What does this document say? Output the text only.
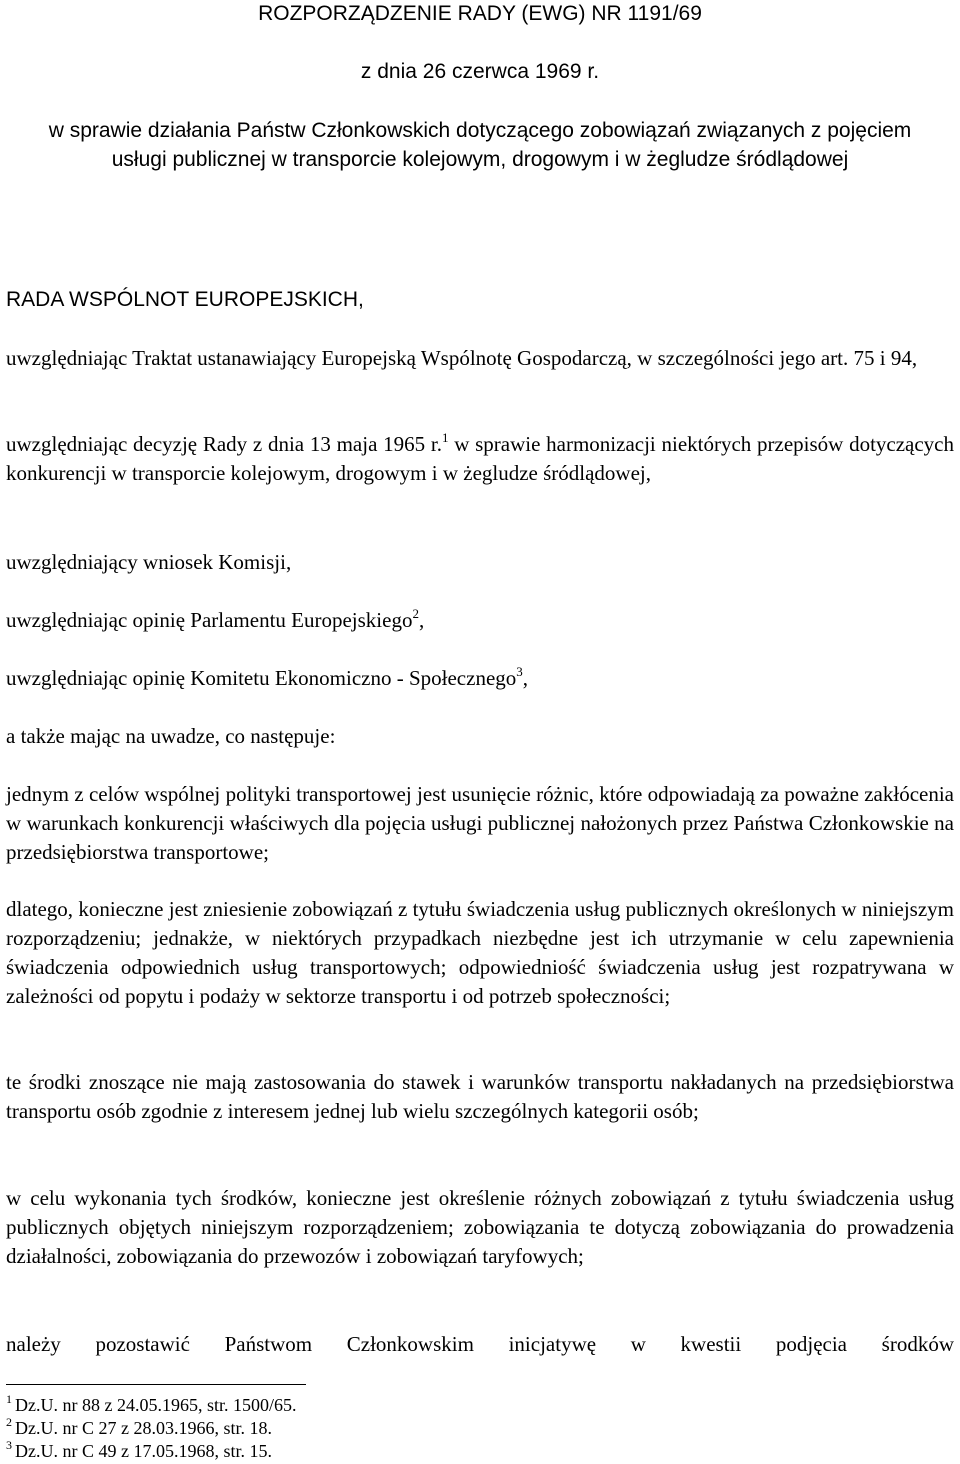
ROZPORZĄDZENIE RADY (EWG) NR 1191/69
z dnia 26 czerwca 1969 r.
w sprawie działania Państw Członkowskich dotyczącego zobowiązań związanych z pojęciem usługi publicznej w transporcie kolejowym, drogowym i w żegludze śródlądowej
RADA WSPÓLNOT EUROPEJSKICH,
uwzględniając Traktat ustanawiający Europejską Wspólnotę Gospodarczą, w szczególności jego art. 75 i 94,
uwzględniając decyzję Rady z dnia 13 maja 1965 r.$^1$ w sprawie harmonizacji niektórych przepisów dotyczących konkurencji w transporcie kolejowym, drogowym i w żegludze śródlądowej,
uwzględniający wniosek Komisji,
uwzględniając opinię Parlamentu Europejskiego$^2$,
uwzględniając opinię Komitetu Ekonomiczno - Społecznego$^3$,
a także mając na uwadze, co następuje:
jednym z celów wspólnej polityki transportowej jest usunięcie różnic, które odpowiadają za poważne zakłócenia w warunkach konkurencji właściwych dla pojęcia usługi publicznej nałożonych przez Państwa Członkowskie na przedsiębiorstwa transportowe;
dlatego, konieczne jest zniesienie zobowiązań z tytułu świadczenia usług publicznych określonych w niniejszym rozporządzeniu; jednakże, w niektórych przypadkach niezbędne jest ich utrzymanie w celu zapewnienia świadczenia odpowiednich usług transportowych; odpowiedniość świadczenia usług jest rozpatrywana w zależności od popytu i podaży w sektorze transportu i od potrzeb społeczności;
te środki znoszące nie mają zastosowania do stawek i warunków transportu nakładanych na przedsiębiorstwa transportu osób zgodnie z interesem jednej lub wielu szczególnych kategorii osób;
w celu wykonania tych środków, konieczne jest określenie różnych zobowiązań z tytułu świadczenia usług publicznych objętych niniejszym rozporządzeniem; zobowiązania te dotyczą zobowiązania do prowadzenia działalności, zobowiązania do przewozów i zobowiązań taryfowych;
należy pozostawić Państwom Członkowskim inicjatywę w kwestii podjęcia środków
$^1$ Dz.U. nr 88 z 24.05.1965, str. 1500/65.
$^2$ Dz.U. nr C 27 z 28.03.1966, str. 18.
$^3$ Dz.U. nr C 49 z 17.05.1968, str. 15.
